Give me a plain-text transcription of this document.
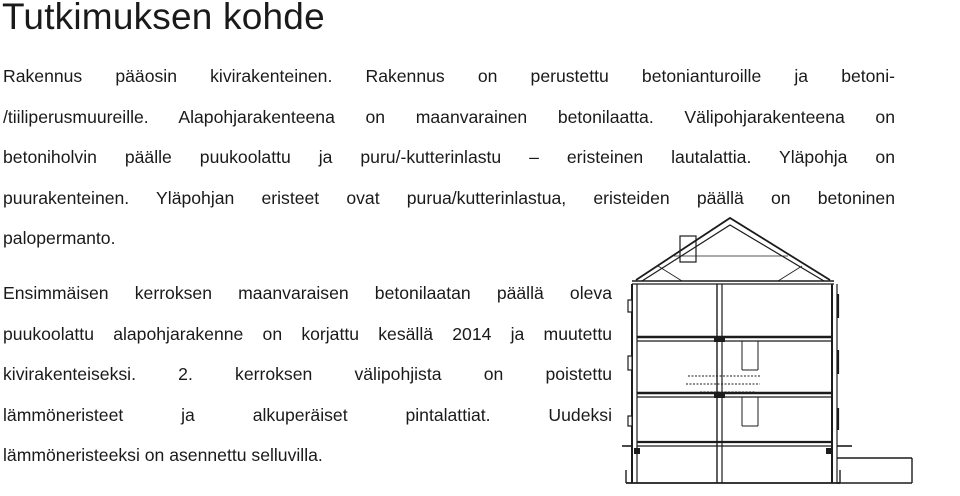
Tutkimuksen kohde
Rakennus pääosin kivirakenteinen. Rakennus on perustettu betonianturoille ja betoni-
/tiiliperusmuureille. Alapohjarakenteena on maanvarainen betonilaatta. Välipohjarakenteena on
betoniholvin päälle puukoolattu ja puru/-kutterinlastu – eristeinen lautalattia. Yläpohja on
puurakenteinen. Yläpohjan eristeet ovat purua/kutterinlastua, eristeiden päällä on betoninen
palopermanto.
Ensimmäisen kerroksen maanvaraisen betonilaatan päällä oleva
puukoolattu alapohjarakenne on korjattu kesällä 2014 ja muutettu
kivirakenteiseksi. 2. kerroksen välipohjista on poistettu
lämmöneristeet ja alkuperäiset pintalattiat. Uudeksi
lämmöneristeeksi on asennettu selluvilla.
